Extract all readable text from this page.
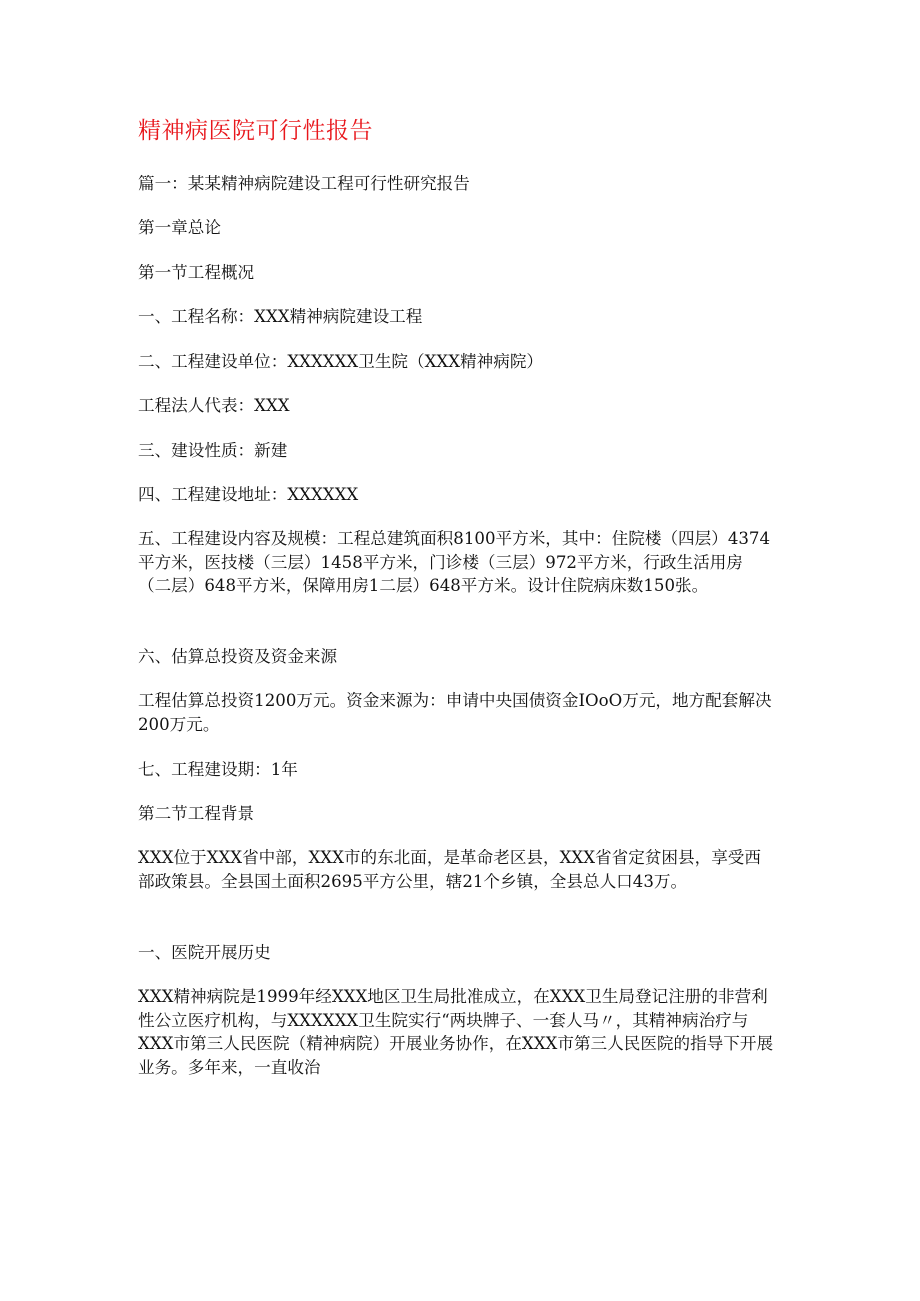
精神病医院可行性报告

篇一：某某精神病院建设工程可行性研究报告

第一章总论

第一节工程概况

一、工程名称：XXX精神病院建设工程

二、工程建设单位：XXXXXX卫生院（XXX精神病院）

工程法人代表：XXX

三、建设性质：新建

四、工程建设地址：XXXXXX

五、工程建设内容及规模：工程总建筑面积8100平方米，其中：住院楼（四层）4374平方米，医技楼（三层）1458平方米，门诊楼（三层）972平方米，行政生活用房（二层）648平方米，保障用房1二层）648平方米。设计住院病床数150张。

六、估算总投资及资金来源

工程估算总投资1200万元。资金来源为：申请中央国债资金IOoO万元，地方配套解决200万元。

七、工程建设期：1年

第二节工程背景

XXX位于XXX省中部，XXX市的东北面，是革命老区县，XXX省省定贫困县，享受西部政策县。全县国土面积2695平方公里，辖21个乡镇，全县总人口43万。

一、医院开展历史

XXX精神病院是1999年经XXX地区卫生局批准成立，在XXX卫生局登记注册的非营利性公立医疗机构，与XXXXXX卫生院实行“两块牌子、一套人马〃，其精神病治疗与XXX市第三人民医院（精神病院）开展业务协作，在XXX市第三人民医院的指导下开展业务。多年来，一直收治
